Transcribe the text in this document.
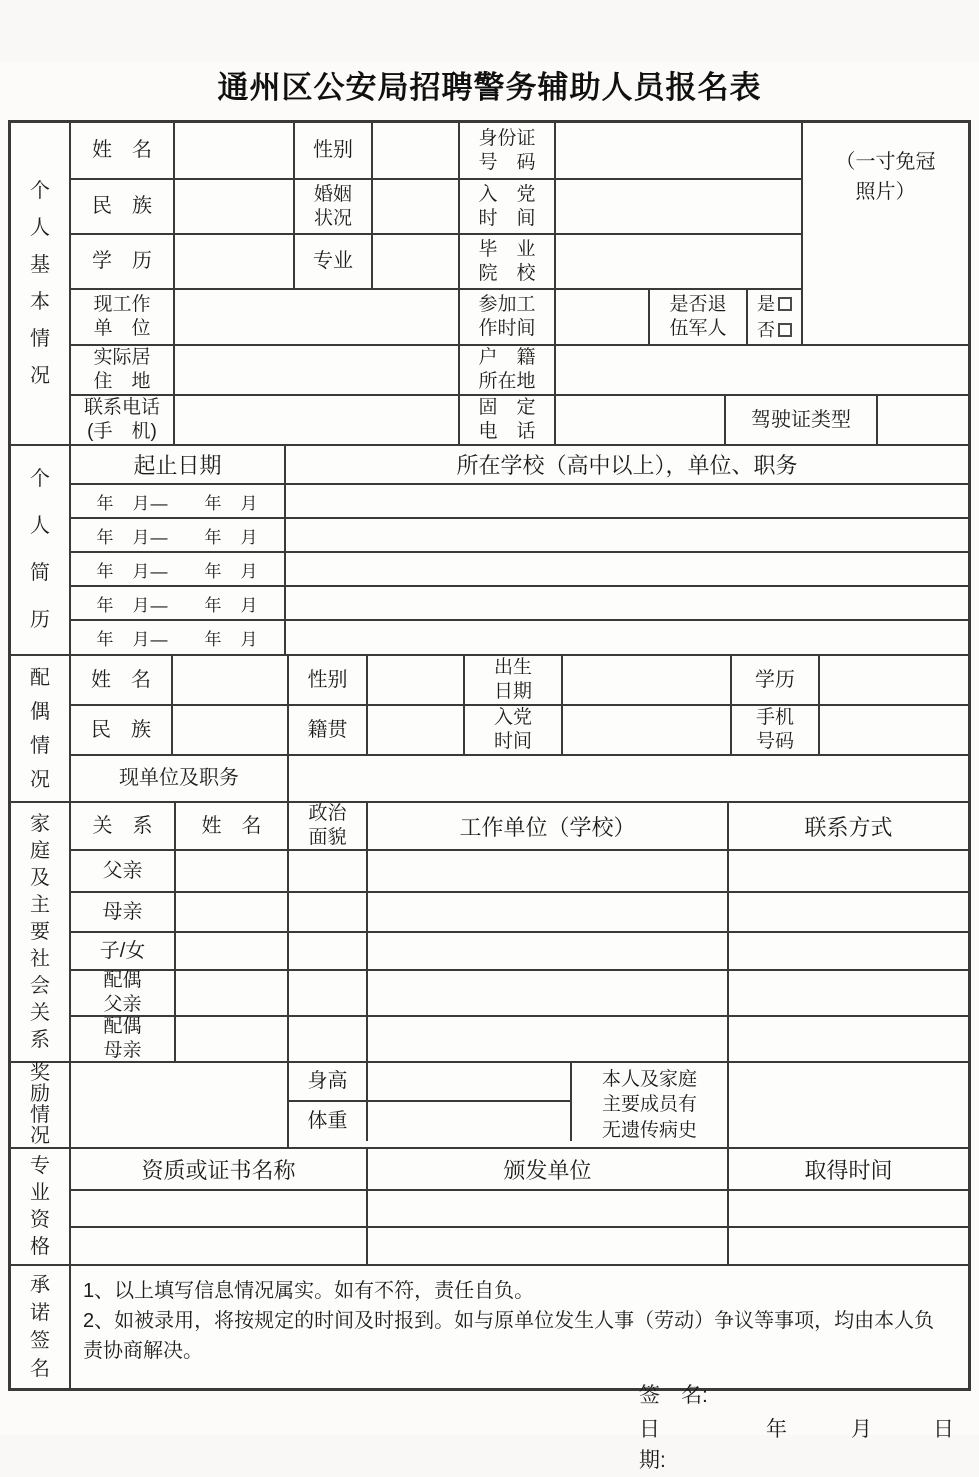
通州区公安局招聘警务辅助人员报名表
个
人
基
本
情
况
（一寸免冠
照片）
姓　名	性别
身份证
号　码
民　族
婚姻
状况
入　党
时　间
学　历	专业
毕　业
院　校
现工作
单　位
参加工
作时间
是否退
伍军人
是
否
实际居
住　地
户　籍
所在地
联系电话
(手　机)
固　定
电　话
驾驶证类型
个
人
简
历
起止日期	所在学校（高中以上），单位、职务
年　月—　　年　月
年　月—　　年　月
年　月—　　年　月
年　月—　　年　月
年　月—　　年　月
配
偶
情
况
姓　名	性别
出生
日期
学历
民　族	籍贯
入党
时间
手机
号码
现单位及职务
家
庭
及
主
要
社
会
关
系
关　系	姓　名
政治
面貌	工作单位（学校）	联系方式
父亲
母亲
子/女
配偶
父亲
配偶
母亲
奖
励
情
况
身高
体重
本人及家庭
主要成员有
无遗传病史
专
业
资
格
资质或证书名称	颁发单位	取得时间
承
诺
签
名
1、以上填写信息情况属实。如有不符，责任自负。
2、如被录用，将按规定的时间及时报到。如与原单位发生人事（劳动）争议等事项，均由本人负责协商解决。
签　名:
日　期:
年	月	日
